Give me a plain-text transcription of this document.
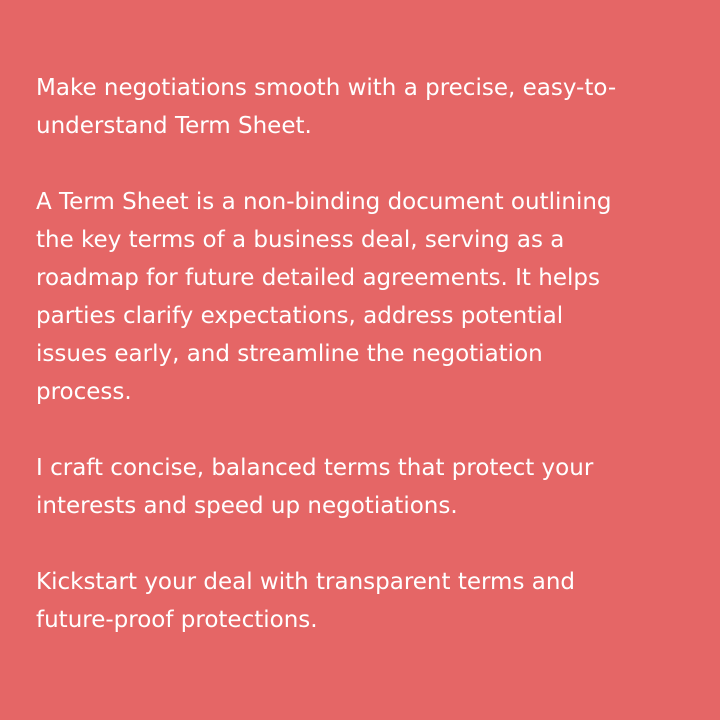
Make negotiations smooth with a precise, easy-to-
understand Term Sheet.
A Term Sheet is a non-binding document outlining
the key terms of a business deal, serving as a
roadmap for future detailed agreements. It helps
parties clarify expectations, address potential
issues early, and streamline the negotiation
process.
I craft concise, balanced terms that protect your
interests and speed up negotiations.
Kickstart your deal with transparent terms and
future-proof protections.
